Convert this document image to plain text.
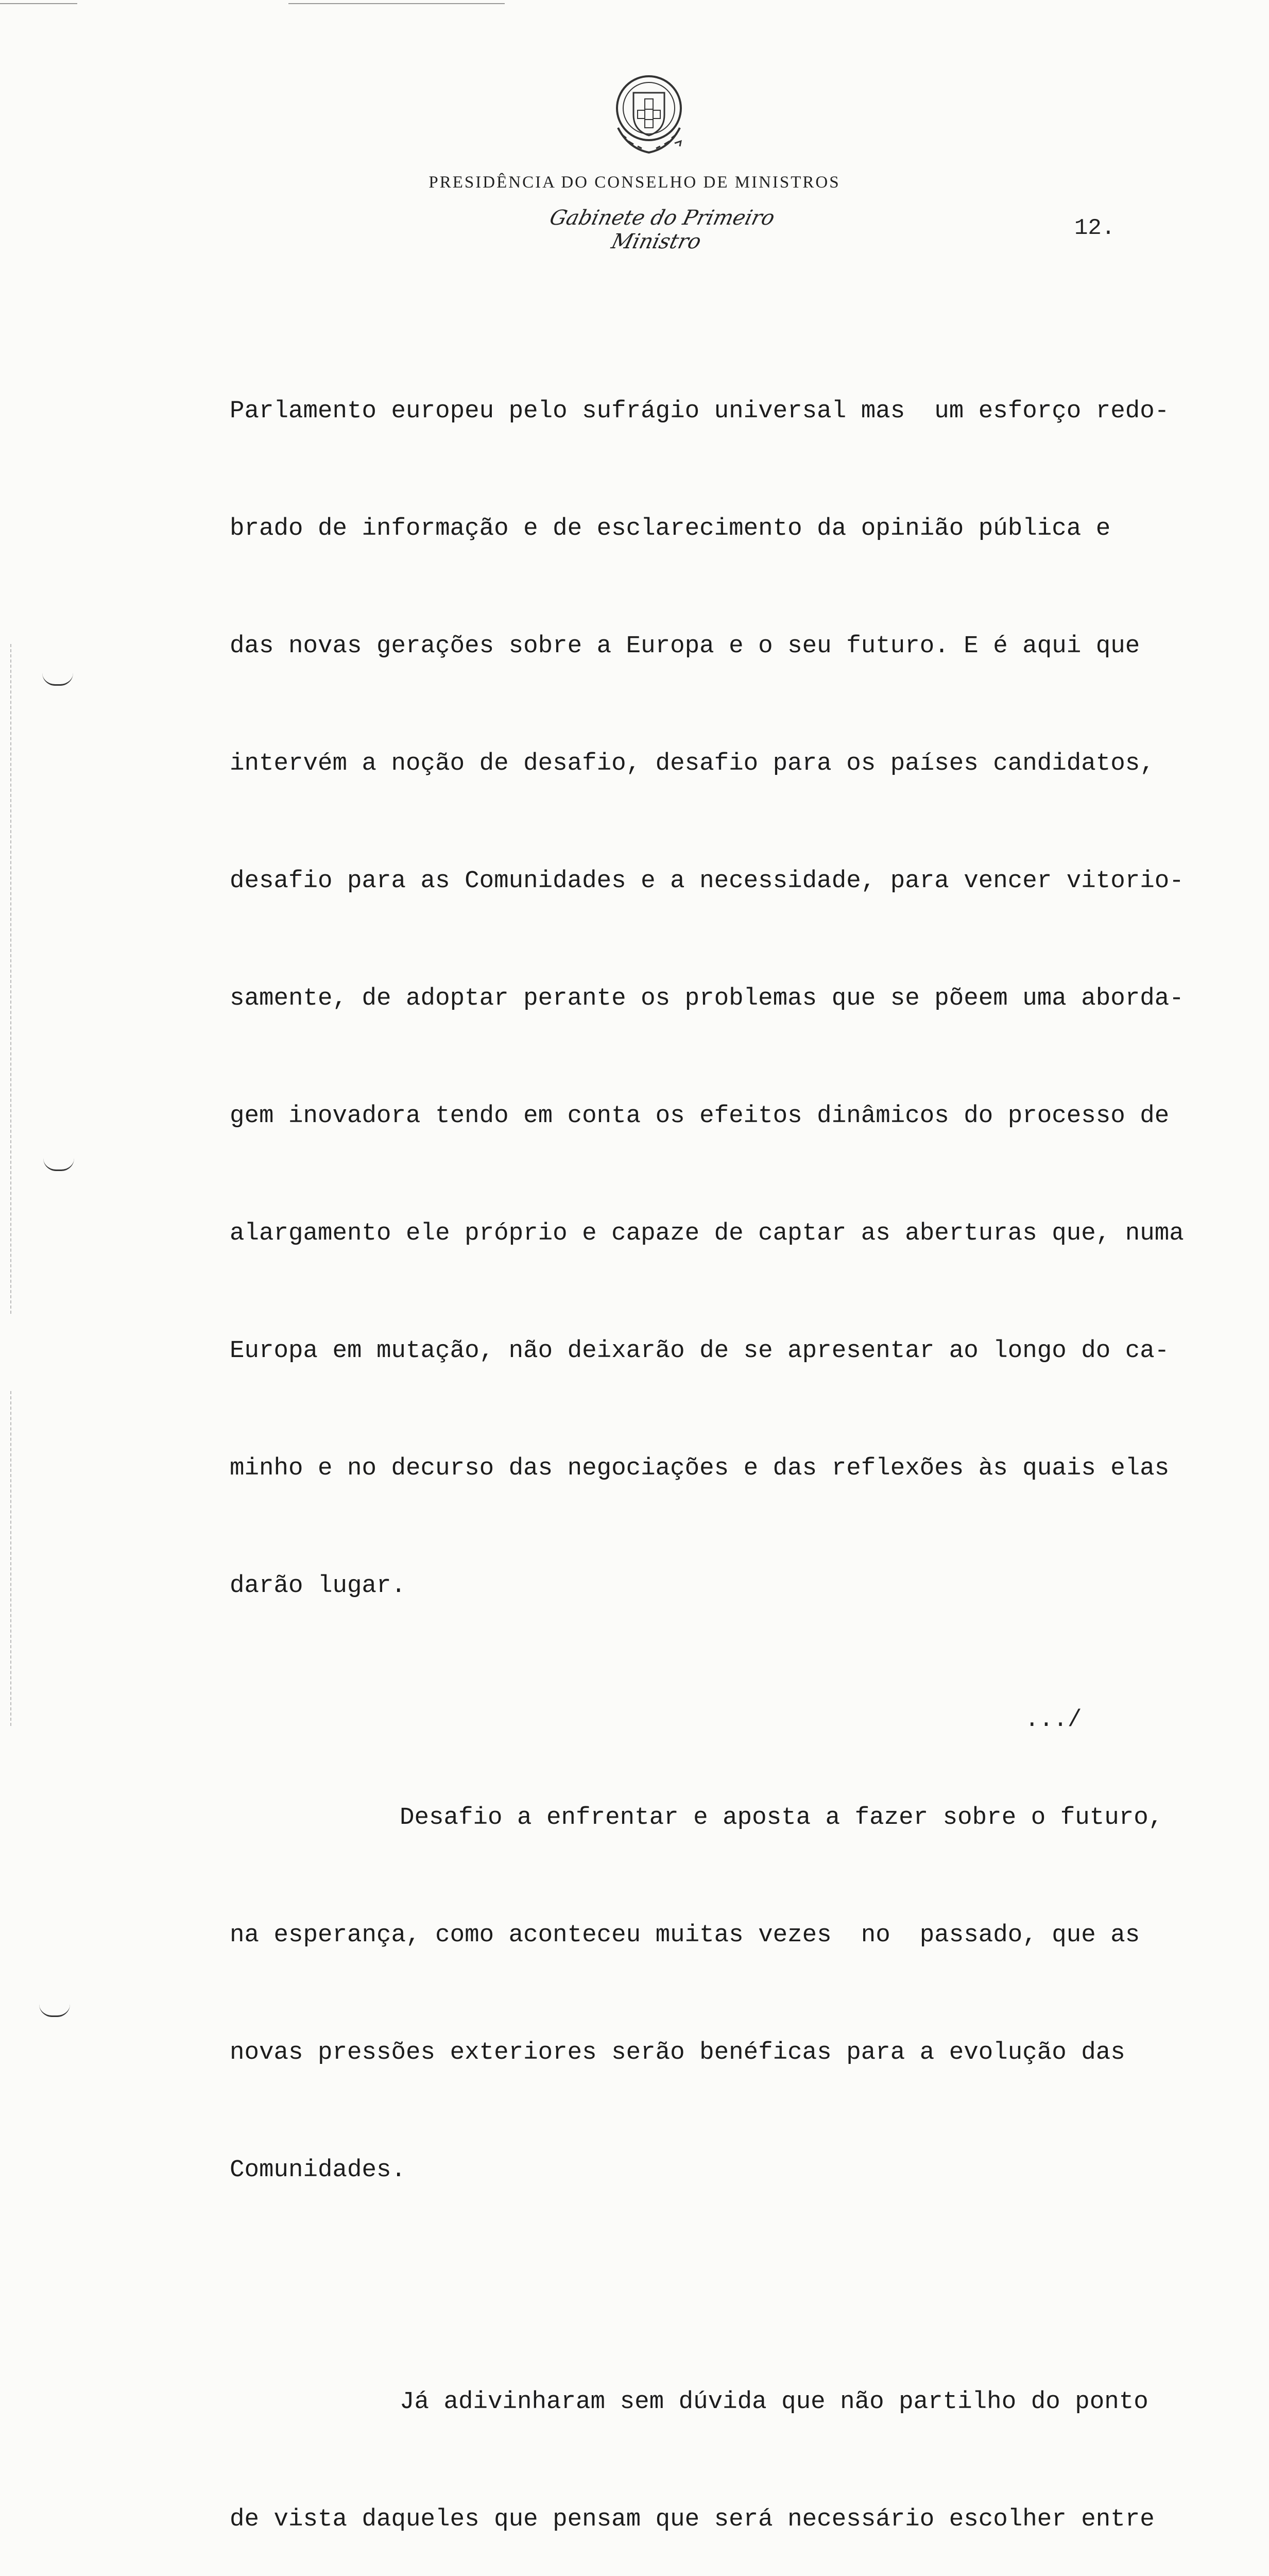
PRESIDÊNCIA DO CONSELHO DE MINISTROS
Gabinete do Primeiro Ministro
12.

Parlamento europeu pelo sufrágio universal mas  um esforço redo-

brado de informação e de esclarecimento da opinião pública e

das novas gerações sobre a Europa e o seu futuro. E é aqui que

intervém a noção de desafio, desafio para os países candidatos,

desafio para as Comunidades e a necessidade, para vencer vitorio-

samente, de adoptar perante os problemas que se põeem uma aborda-

gem inovadora tendo em conta os efeitos dinâmicos do processo de

alargamento ele próprio e capaze de captar as aberturas que, numa

Europa em mutação, não deixarão de se apresentar ao longo do ca-

minho e no decurso das negociações e das reflexões às quais elas

darão lugar.

Desafio a enfrentar e aposta a fazer sobre o futuro,

na esperança, como aconteceu muitas vezes  no  passado, que as

novas pressões exteriores serão benéficas para a evolução das

Comunidades.

Já adivinharam sem dúvida que não partilho do ponto

de vista daqueles que pensam que será necessário escolher entre

.../
